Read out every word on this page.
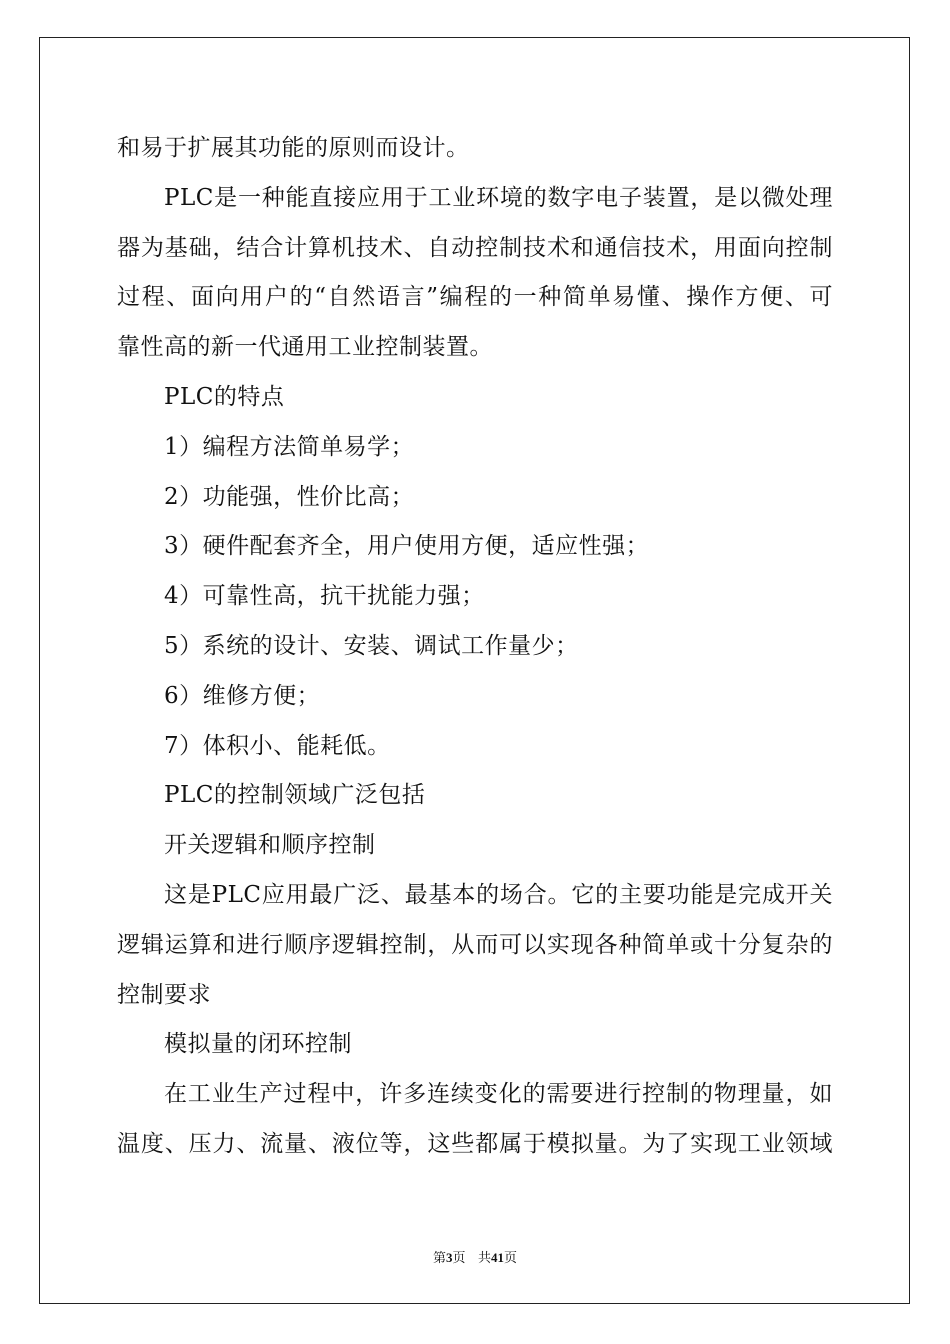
和易于扩展其功能的原则而设计。
PLC是一种能直接应用于工业环境的数字电子装置，是以微处理
器为基础，结合计算机技术、自动控制技术和通信技术，用面向控制
过程、面向用户的“自然语言”编程的一种简单易懂、操作方便、可
靠性高的新一代通用工业控制装置。
PLC的特点
1）编程方法简单易学；
2）功能强，性价比高；
3）硬件配套齐全，用户使用方便，适应性强；
4）可靠性高，抗干扰能力强；
5）系统的设计、安装、调试工作量少；
6）维修方便；
7）体积小、能耗低。
PLC的控制领域广泛包括
开关逻辑和顺序控制
这是PLC应用最广泛、最基本的场合。它的主要功能是完成开关
逻辑运算和进行顺序逻辑控制，从而可以实现各种简单或十分复杂的
控制要求
模拟量的闭环控制
在工业生产过程中，许多连续变化的需要进行控制的物理量，如
温度、压力、流量、液位等，这些都属于模拟量。为了实现工业领域
第3页 共41页
